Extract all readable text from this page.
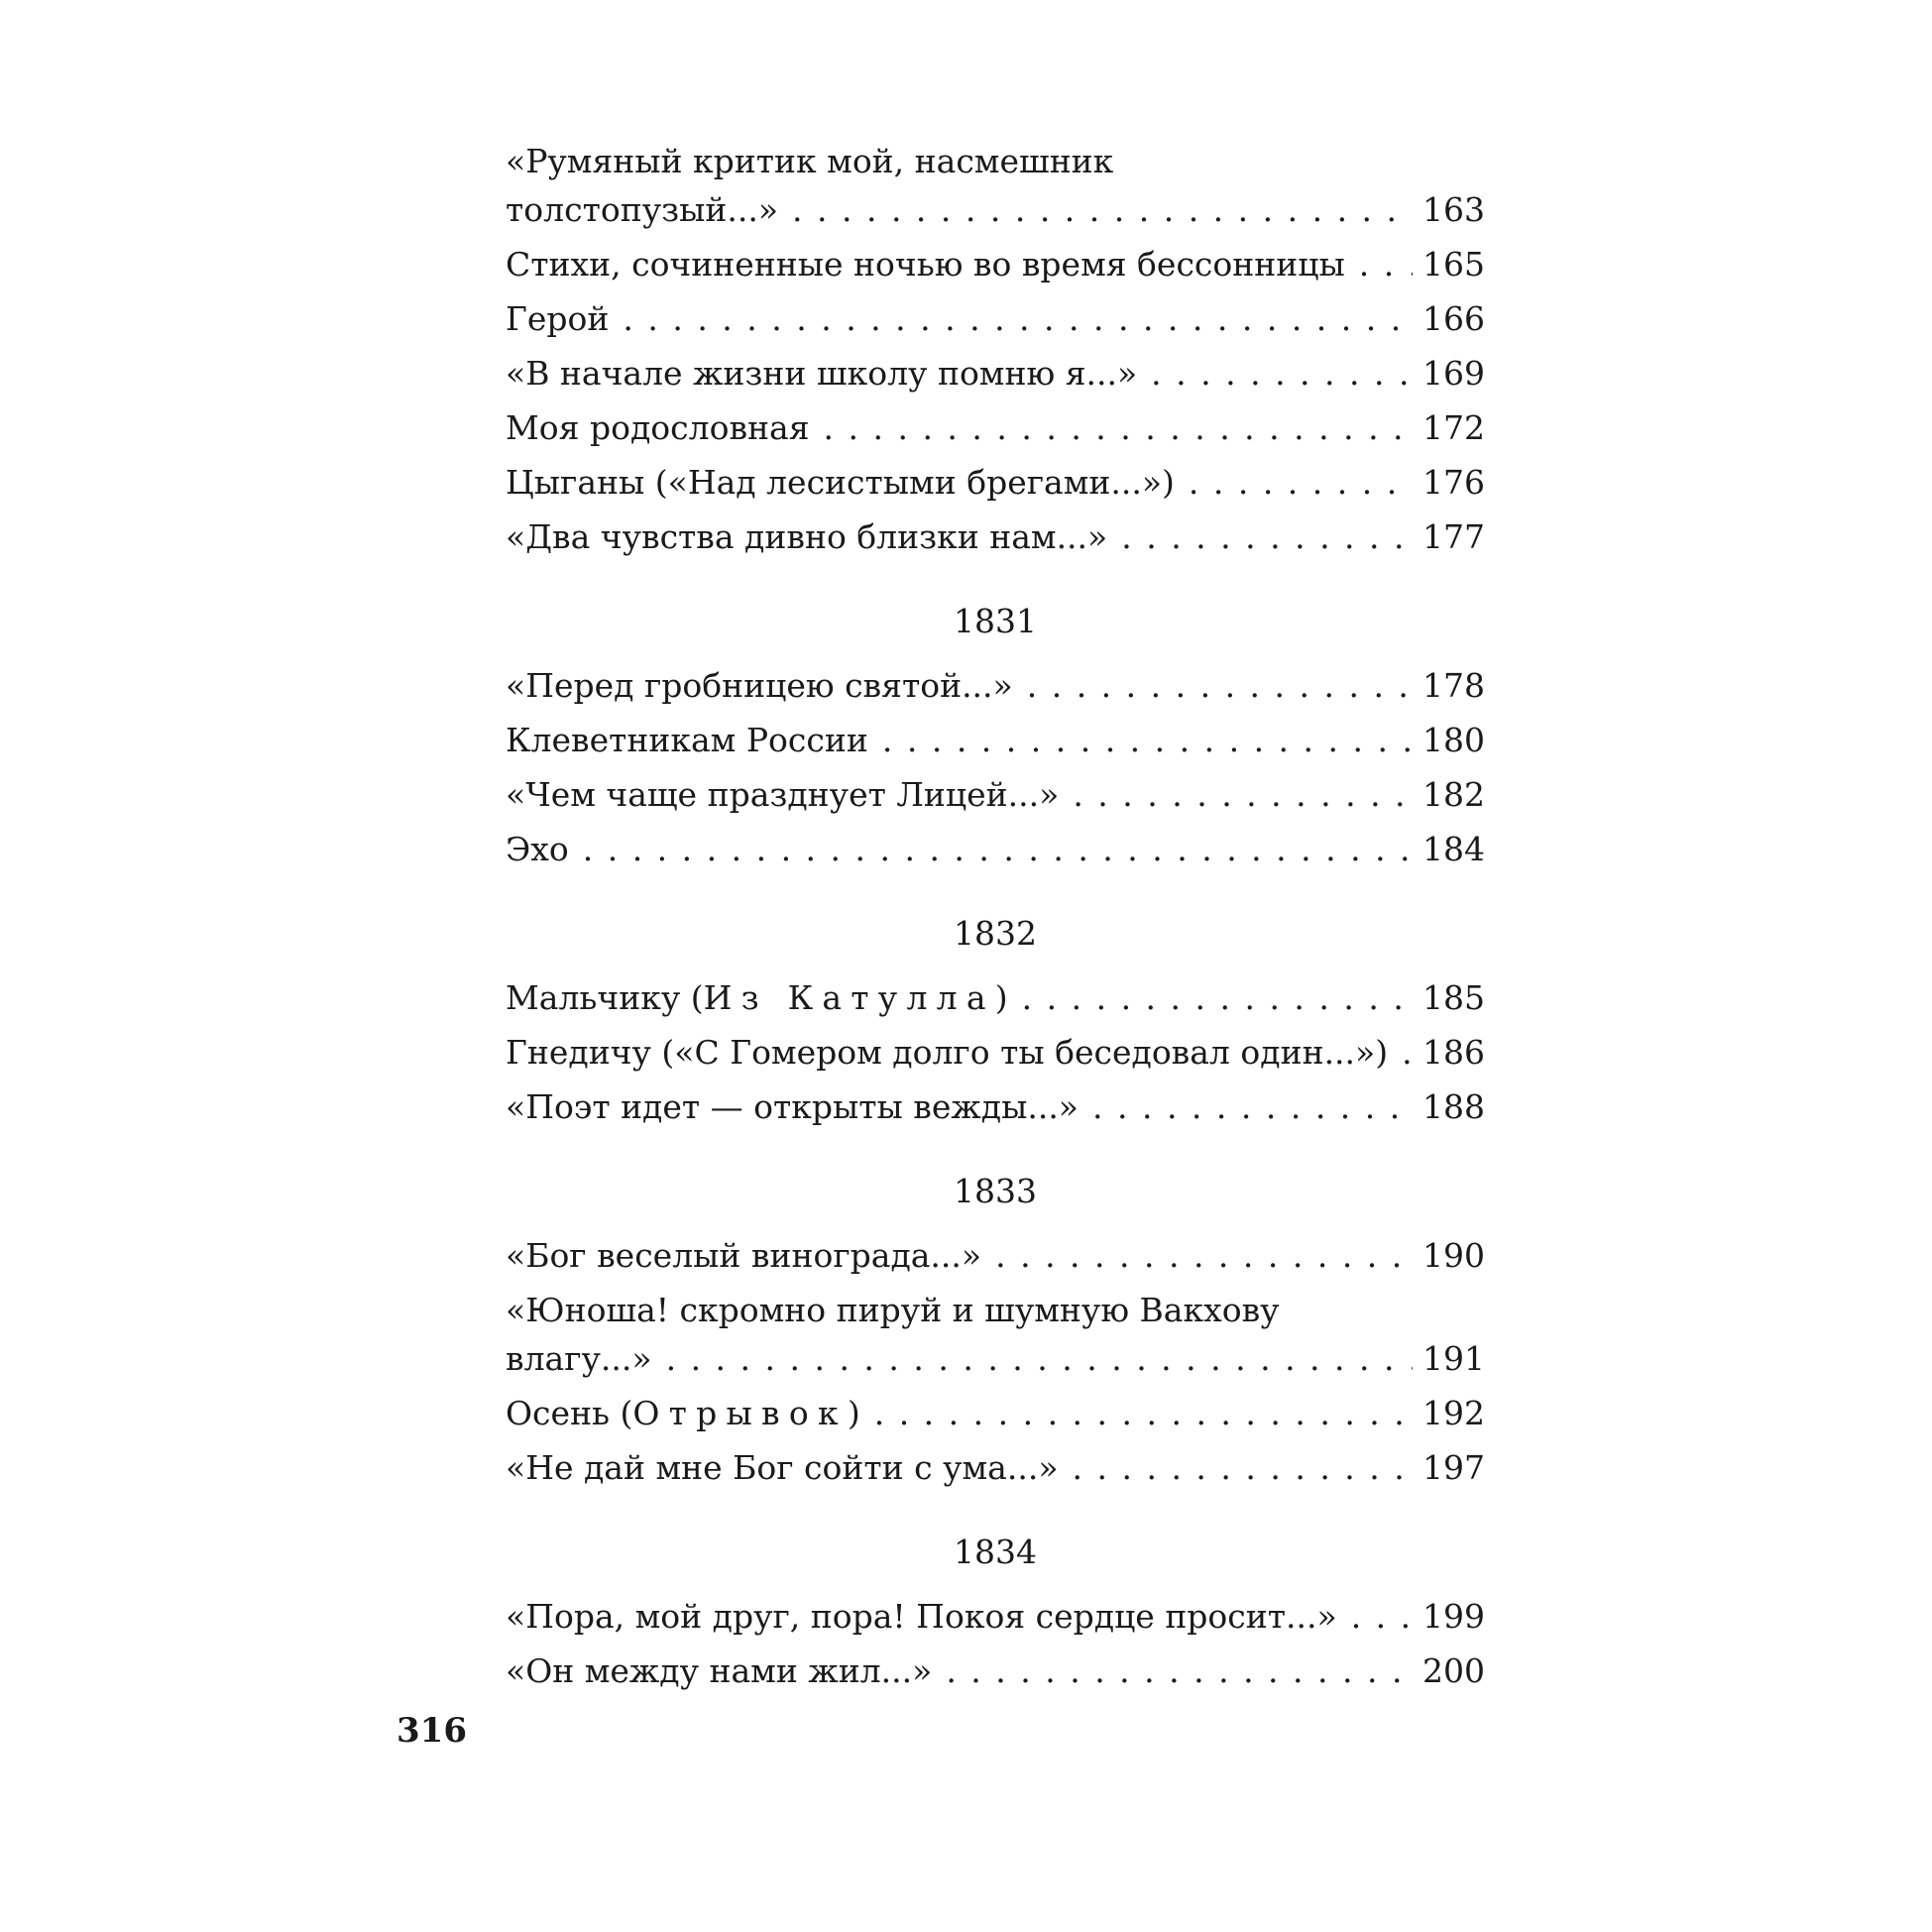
«Румяный критик мой, насмешник
толстопузый...» . . .	163
Стихи, сочиненные ночью во время бессонницы . . . 165
Герой . . .	166
«В начале жизни школу помню я...» . . .	169
Моя родословная . . .	172
Цыганы («Над лесистыми брегами...») . . .	176
«Два чувства дивно близки нам...» . . .	177
1831
«Перед гробницею святой...» . . .	178
Клеветникам России . . .	180
«Чем чаще празднует Лицей...» . . .	182
Эхо . . .	184
1832
Мальчику (Из Катулла) . . .	185
Гнедичу («С Гомером долго ты беседовал один...») . . . 186
«Поэт идет — открыты вежды...» . . .	188
1833
«Бог веселый винограда...» . . .	190
«Юноша! скромно пируй и шумную Вакхову
влагу...» . . .	191
Осень (Отрывок) . . .	192
«Не дай мне Бог сойти с ума...» . . .	197
1834
«Пора, мой друг, пора! Покоя сердце просит...» . . .	199
«Он между нами жил...» . . .	200
316
